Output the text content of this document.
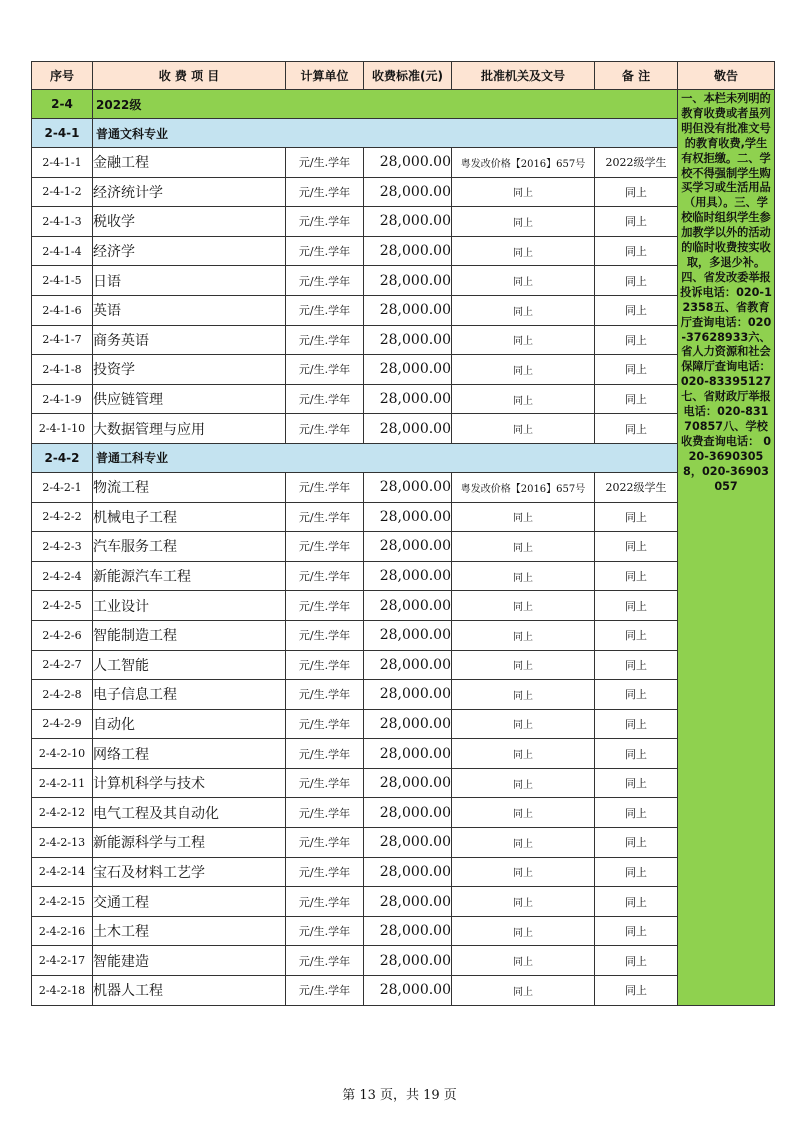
序号	收 费 项 目	计算单位	收费标准(元)	批准机关及文号	备 注	敬告
2-4	2022级					一、本栏未列明的教育收费或者虽列明但没有批准文号的教育收费,学生有权拒缴。二、学校不得强制学生购买学习或生活用品（用具）。三、学校临时组织学生参加教学以外的活动的临时收费按实收取，多退少补。四、省发改委举报投诉电话：020-12358五、省教育厅查询电话：020-37628933六、省人力资源和社会保障厅查询电话：020-83395127七、省财政厅举报电话：020-83170857八、学校收费查询电话： 020-36903058，020-36903057

2-4-1	普通文科专业					
2-4-1-1	金融工程	元/生.学年	28,000.00	粤发改价格【2016】657号	2022级学生	
2-4-1-2	经济统计学	元/生.学年	28,000.00	同上	同上	
2-4-1-3	税收学	元/生.学年	28,000.00	同上	同上	
2-4-1-4	经济学	元/生.学年	28,000.00	同上	同上	
2-4-1-5	日语	元/生.学年	28,000.00	同上	同上	
2-4-1-6	英语	元/生.学年	28,000.00	同上	同上	
2-4-1-7	商务英语	元/生.学年	28,000.00	同上	同上	
2-4-1-8	投资学	元/生.学年	28,000.00	同上	同上	
2-4-1-9	供应链管理	元/生.学年	28,000.00	同上	同上	
2-4-1-10	大数据管理与应用	元/生.学年	28,000.00	同上	同上	
2-4-2	普通工科专业					
2-4-2-1	物流工程	元/生.学年	28,000.00	粤发改价格【2016】657号	2022级学生	
2-4-2-2	机械电子工程	元/生.学年	28,000.00	同上	同上	
2-4-2-3	汽车服务工程	元/生.学年	28,000.00	同上	同上	
2-4-2-4	新能源汽车工程	元/生.学年	28,000.00	同上	同上	
2-4-2-5	工业设计	元/生.学年	28,000.00	同上	同上	
2-4-2-6	智能制造工程	元/生.学年	28,000.00	同上	同上	
2-4-2-7	人工智能	元/生.学年	28,000.00	同上	同上	
2-4-2-8	电子信息工程	元/生.学年	28,000.00	同上	同上	
2-4-2-9	自动化	元/生.学年	28,000.00	同上	同上	
2-4-2-10	网络工程	元/生.学年	28,000.00	同上	同上	
2-4-2-11	计算机科学与技术	元/生.学年	28,000.00	同上	同上	
2-4-2-12	电气工程及其自动化	元/生.学年	28,000.00	同上	同上	
2-4-2-13	新能源科学与工程	元/生.学年	28,000.00	同上	同上	
2-4-2-14	宝石及材料工艺学	元/生.学年	28,000.00	同上	同上	
2-4-2-15	交通工程	元/生.学年	28,000.00	同上	同上	
2-4-2-16	土木工程	元/生.学年	28,000.00	同上	同上	
2-4-2-17	智能建造	元/生.学年	28,000.00	同上	同上	
2-4-2-18	机器人工程	元/生.学年	28,000.00	同上	同上	
第 13 页，共 19 页
